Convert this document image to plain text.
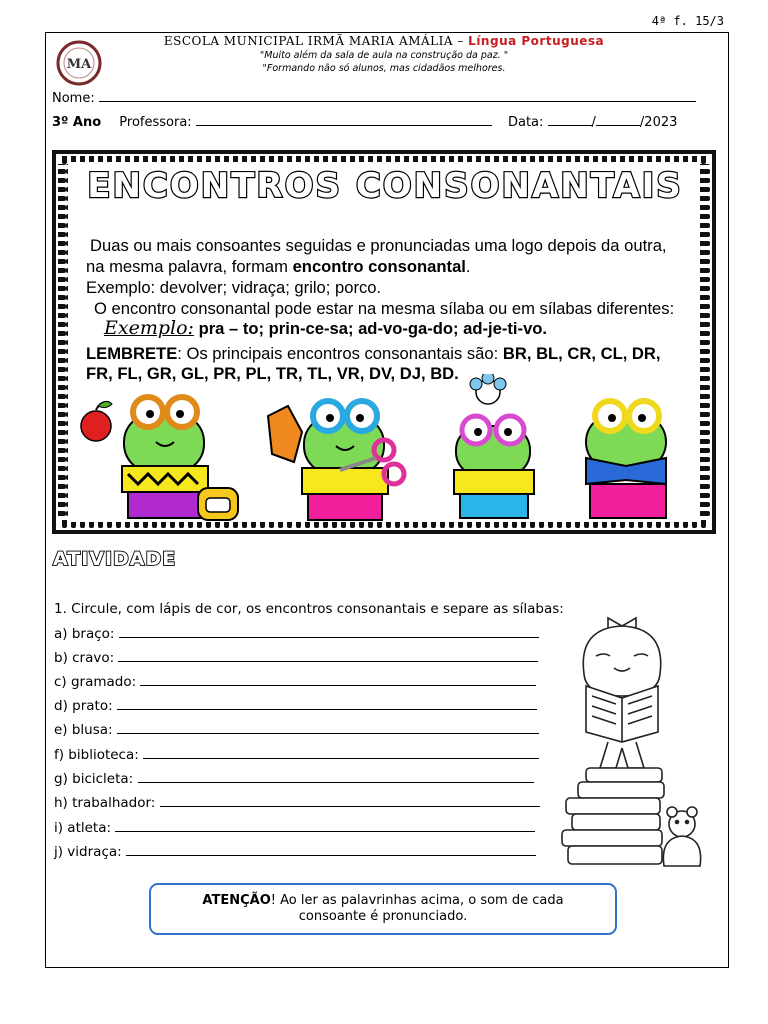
4ª f. 15/3
MA
ESCOLA MUNICIPAL IRMÃ MARIA AMÁLIA – Língua Portuguesa
"Muito além da sala de aula na construção da paz. "
"Formando não só alunos, mas cidadãos melhores.
Nome:
3º Ano Professora:	Data:	/	/2023
ENCONTROS CONSONANTAIS
Duas ou mais consoantes seguidas e pronunciadas uma logo depois da outra,
na mesma palavra, formam encontro consonantal.
Exemplo: devolver; vidraça; grilo; porco.
O encontro consonantal pode estar na mesma sílaba ou em sílabas diferentes:
Exemplo: pra – to; prin-ce-sa; ad-vo-ga-do; ad-je-ti-vo.
LEMBRETE: Os principais encontros consonantais são: BR, BL, CR, CL, DR,
FR, FL, GR, GL, PR, PL, TR, TL, VR, DV, DJ, BD.
ATIVIDADE
1. Circule, com lápis de cor, os encontros consonantais e separe as sílabas:
a) braço:
b) cravo:
c) gramado:
d) prato:
e) blusa:
f) biblioteca:
g) bicicleta:
h) trabalhador:
i) atleta:
j) vidraça:
ATENÇÃO! Ao ler as palavrinhas acima, o som de cada
consoante é pronunciado.
